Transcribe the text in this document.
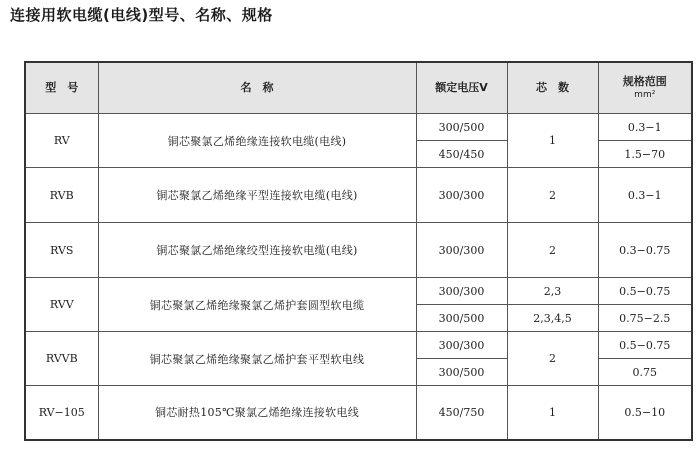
连接用软电缆(电线)型号、名称、规格
型　号	名　称	额定电压Ⅴ	芯　数	规格范围
mm²

RV	铜芯聚氯乙烯绝缘连接软电缆(电线)	300/500	1	0.3−1
		450/450		1.5−70
RVB	铜芯聚氯乙烯绝缘平型连接软电缆(电线)	300/300	2	0.3−1
RVS	铜芯聚氯乙烯绝缘绞型连接软电缆(电线)	300/300	2	0.3−0.75
RVV	铜芯聚氯乙烯绝缘聚氯乙烯护套圆型软电缆	300/300	2,3	0.5−0.75
		300/500	2,3,4,5	0.75−2.5
RVVB	铜芯聚氯乙烯绝缘聚氯乙烯护套平型软电线	300/300	2	0.5−0.75
		300/500		0.75
RV−105	铜芯耐热105℃聚氯乙烯绝缘连接软电线	450/750	1	0.5−10
